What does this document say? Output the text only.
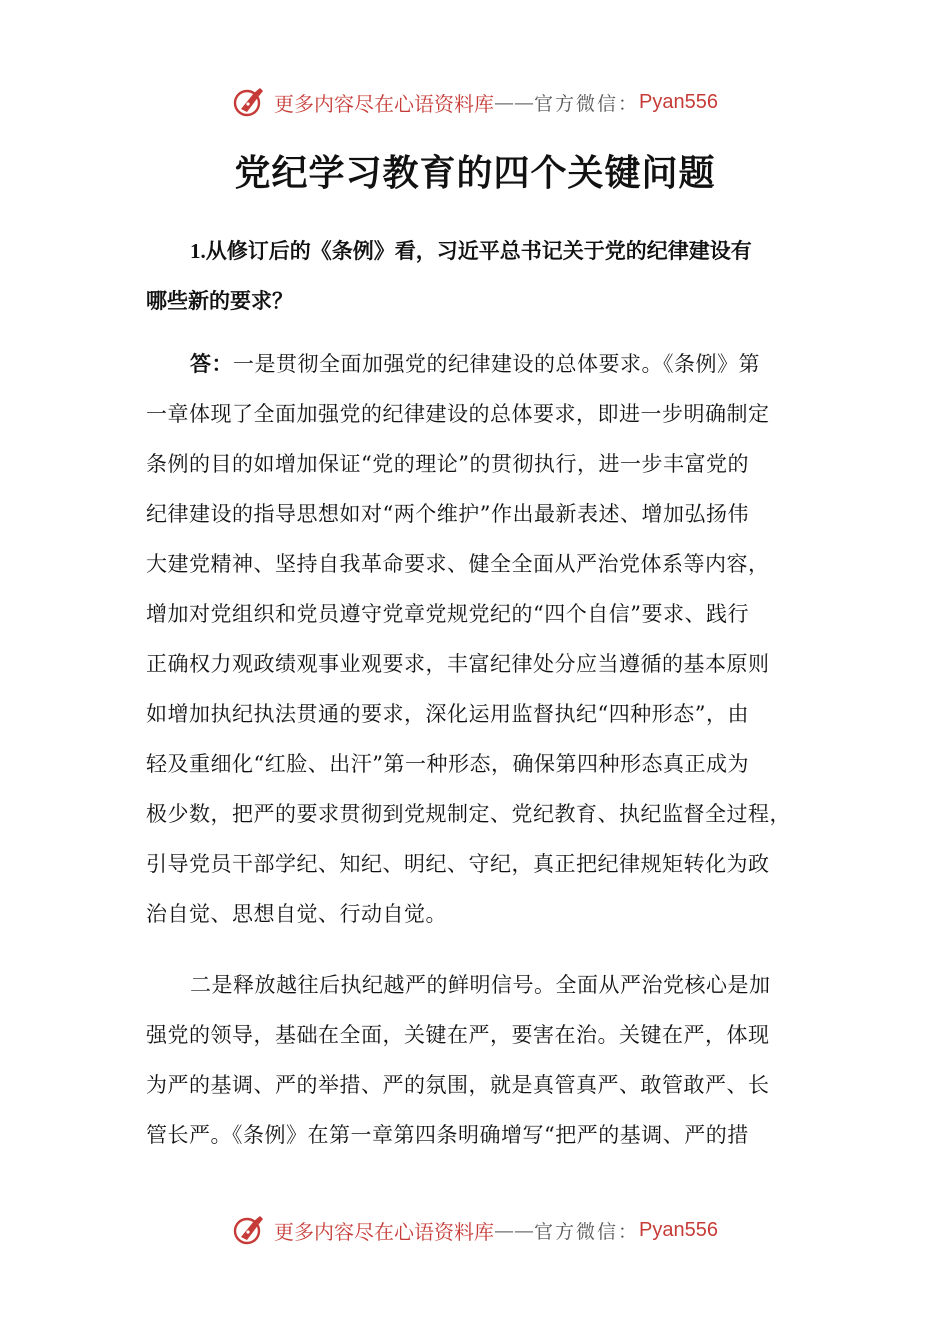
更多内容尽在心语资料库 —— 官方微信： Pyan556
党纪学习教育的四个关键问题
1.从修订后的《条例》看，习近平总书记关于党的纪律建设有
哪些新的要求？
答：一是贯彻全面加强党的纪律建设的总体要求。《条例》第
一章体现了全面加强党的纪律建设的总体要求，即进一步明确制定
条例的目的如增加保证“党的理论”的贯彻执行，进一步丰富党的
纪律建设的指导思想如对“两个维护”作出最新表述、增加弘扬伟
大建党精神、坚持自我革命要求、健全全面从严治党体系等内容，
增加对党组织和党员遵守党章党规党纪的“四个自信”要求、践行
正确权力观政绩观事业观要求，丰富纪律处分应当遵循的基本原则
如增加执纪执法贯通的要求，深化运用监督执纪“四种形态”，由
轻及重细化“红脸、出汗”第一种形态，确保第四种形态真正成为
极少数，把严的要求贯彻到党规制定、党纪教育、执纪监督全过程，
引导党员干部学纪、知纪、明纪、守纪，真正把纪律规矩转化为政
治自觉、思想自觉、行动自觉。
二是释放越往后执纪越严的鲜明信号。全面从严治党核心是加
强党的领导，基础在全面，关键在严，要害在治。关键在严，体现
为严的基调、严的举措、严的氛围，就是真管真严、敢管敢严、长
管长严。《条例》在第一章第四条明确增写“把严的基调、严的措
更多内容尽在心语资料库 —— 官方微信： Pyan556
